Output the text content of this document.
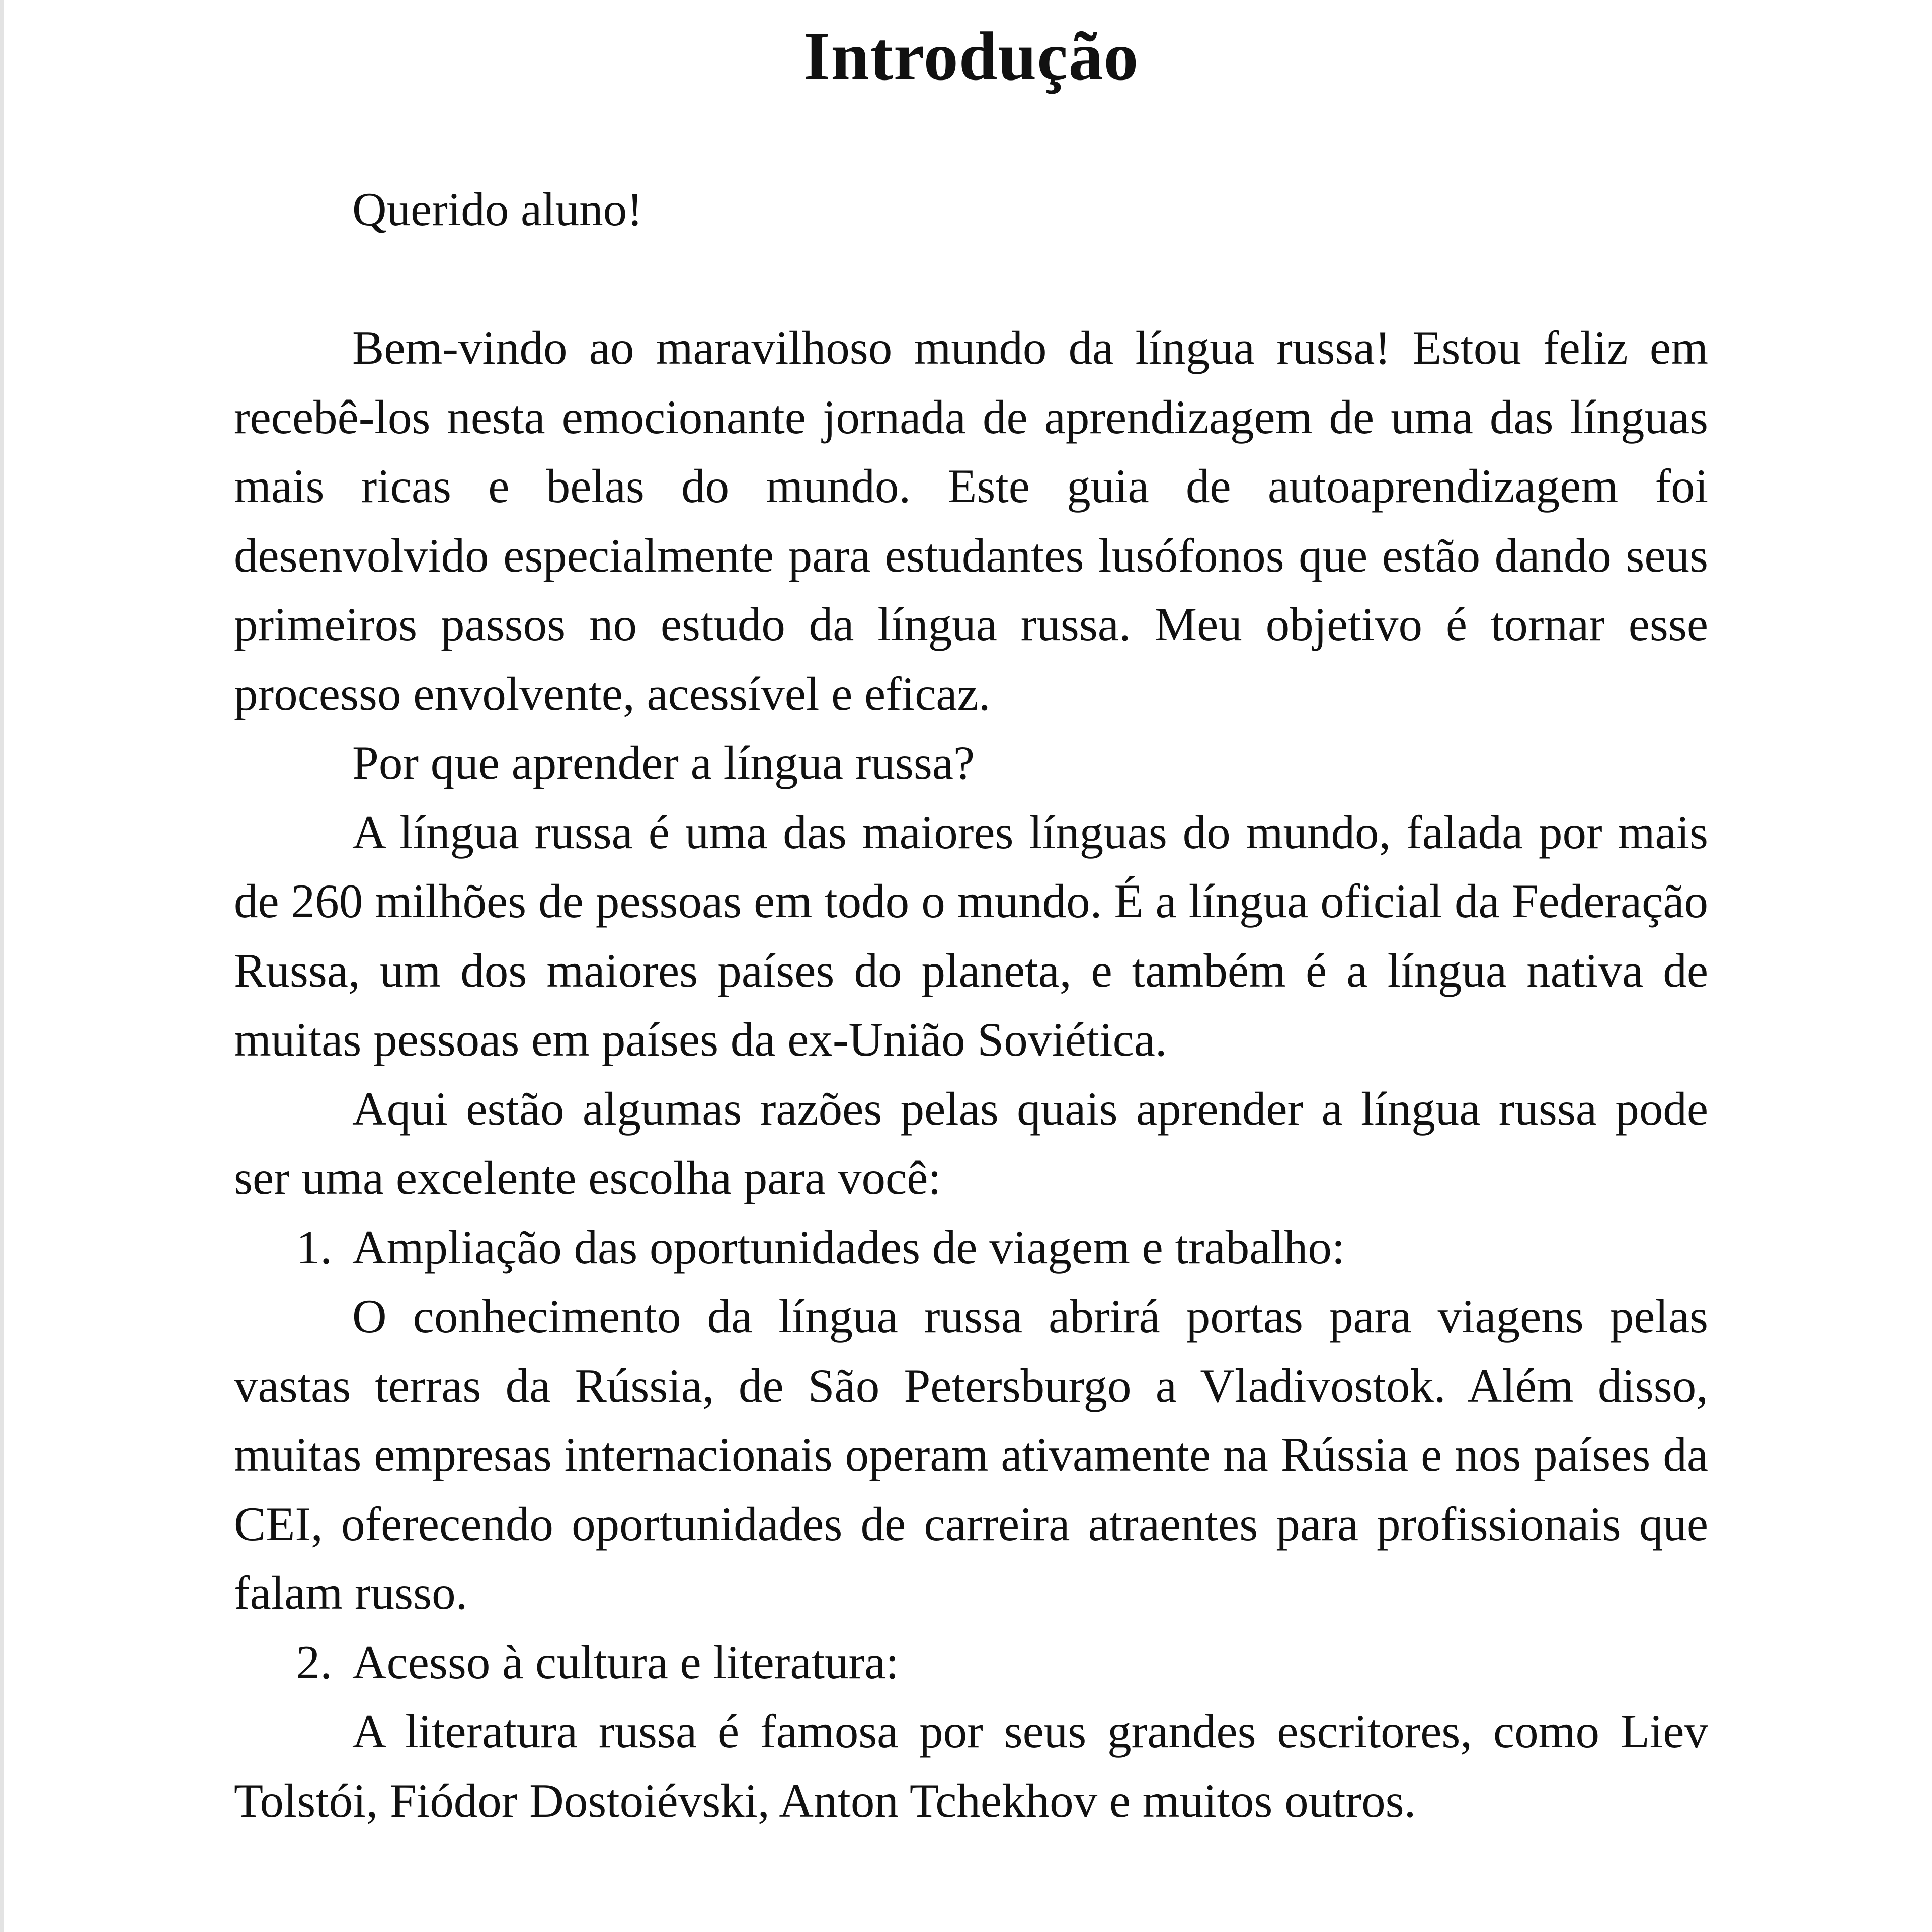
Introdução

Querido aluno!

Bem-vindo ao maravilhoso mundo da língua russa! Estou feliz em recebê-los nesta emocionante jornada de aprendizagem de uma das línguas mais ricas e belas do mundo. Este guia de autoaprendizagem foi desenvolvido especialmente para estudantes lusófonos que estão dando seus primeiros passos no estudo da língua russa. Meu objetivo é tornar esse processo envolvente, acessível e eficaz.

Por que aprender a língua russa?

A língua russa é uma das maiores línguas do mundo, falada por mais de 260 milhões de pessoas em todo o mundo. É a língua oficial da Federação Russa, um dos maiores países do planeta, e também é a língua nativa de muitas pessoas em países da ex-União Soviética.

Aqui estão algumas razões pelas quais aprender a língua russa pode ser uma excelente escolha para você:

1. Ampliação das oportunidades de viagem e trabalho:

O conhecimento da língua russa abrirá portas para viagens pelas vastas terras da Rússia, de São Petersburgo a Vladivostok. Além disso, muitas empresas internacionais operam ativamente na Rússia e nos países da CEI, oferecendo oportunidades de carreira atraentes para profissionais que falam russo.

2. Acesso à cultura e literatura:

A literatura russa é famosa por seus grandes escritores, como Liev Tolstói, Fiódor Dostoiévski, Anton Tchekhov e muitos outros.
